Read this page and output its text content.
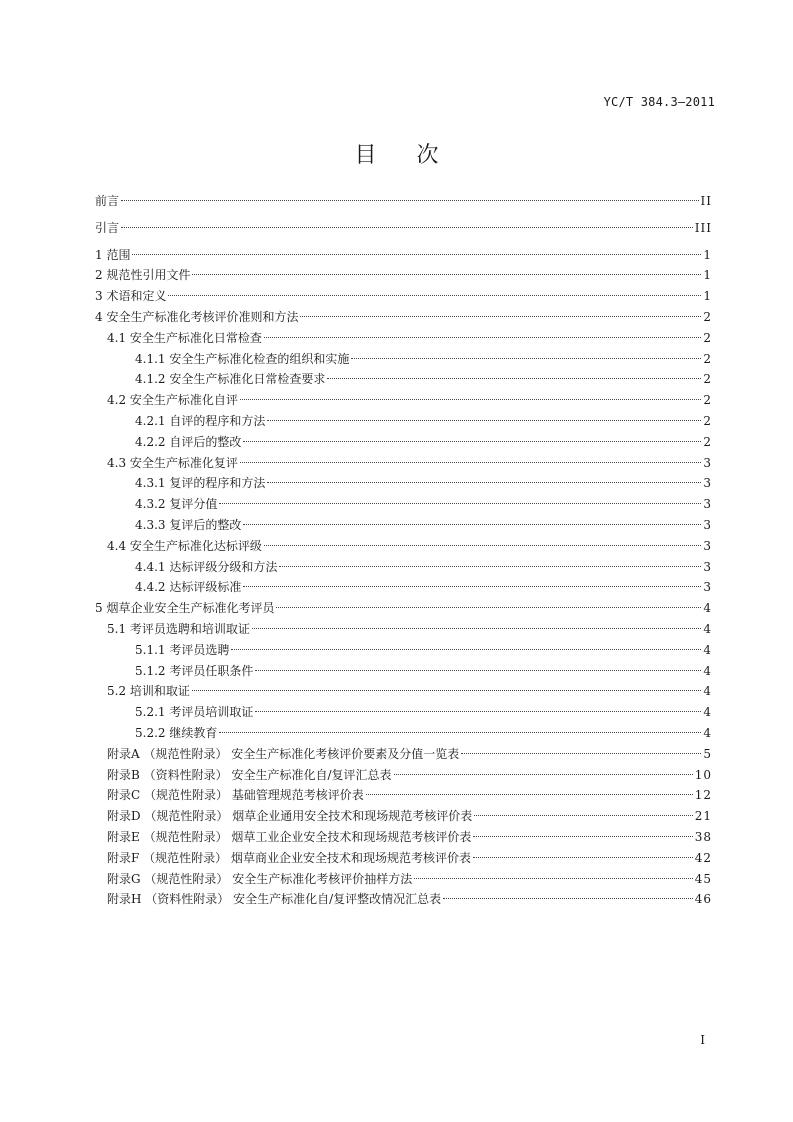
YC/T 384.3—2011
目次
前言	II
引言	III
1 范围	1
2 规范性引用文件	1
3 术语和定义	1
4 安全生产标准化考核评价准则和方法	2
4.1 安全生产标准化日常检查	2
4.1.1 安全生产标准化检查的组织和实施	2
4.1.2 安全生产标准化日常检查要求	2
4.2 安全生产标准化自评	2
4.2.1 自评的程序和方法	2
4.2.2 自评后的整改	2
4.3 安全生产标准化复评	3
4.3.1 复评的程序和方法	3
4.3.2 复评分值	3
4.3.3 复评后的整改	3
4.4 安全生产标准化达标评级	3
4.4.1 达标评级分级和方法	3
4.4.2 达标评级标准	3
5 烟草企业安全生产标准化考评员	4
5.1 考评员选聘和培训取证	4
5.1.1 考评员选聘	4
5.1.2 考评员任职条件	4
5.2 培训和取证	4
5.2.1 考评员培训取证	4
5.2.2 继续教育	4
附录A （规范性附录） 安全生产标准化考核评价要素及分值一览表	5
附录B （资料性附录） 安全生产标准化自/复评汇总表	10
附录C （规范性附录） 基础管理规范考核评价表	12
附录D （规范性附录） 烟草企业通用安全技术和现场规范考核评价表	21
附录E （规范性附录） 烟草工业企业安全技术和现场规范考核评价表	38
附录F （规范性附录） 烟草商业企业安全技术和现场规范考核评价表	42
附录G （规范性附录） 安全生产标准化考核评价抽样方法	45
附录H （资料性附录） 安全生产标准化自/复评整改情况汇总表	46
I
